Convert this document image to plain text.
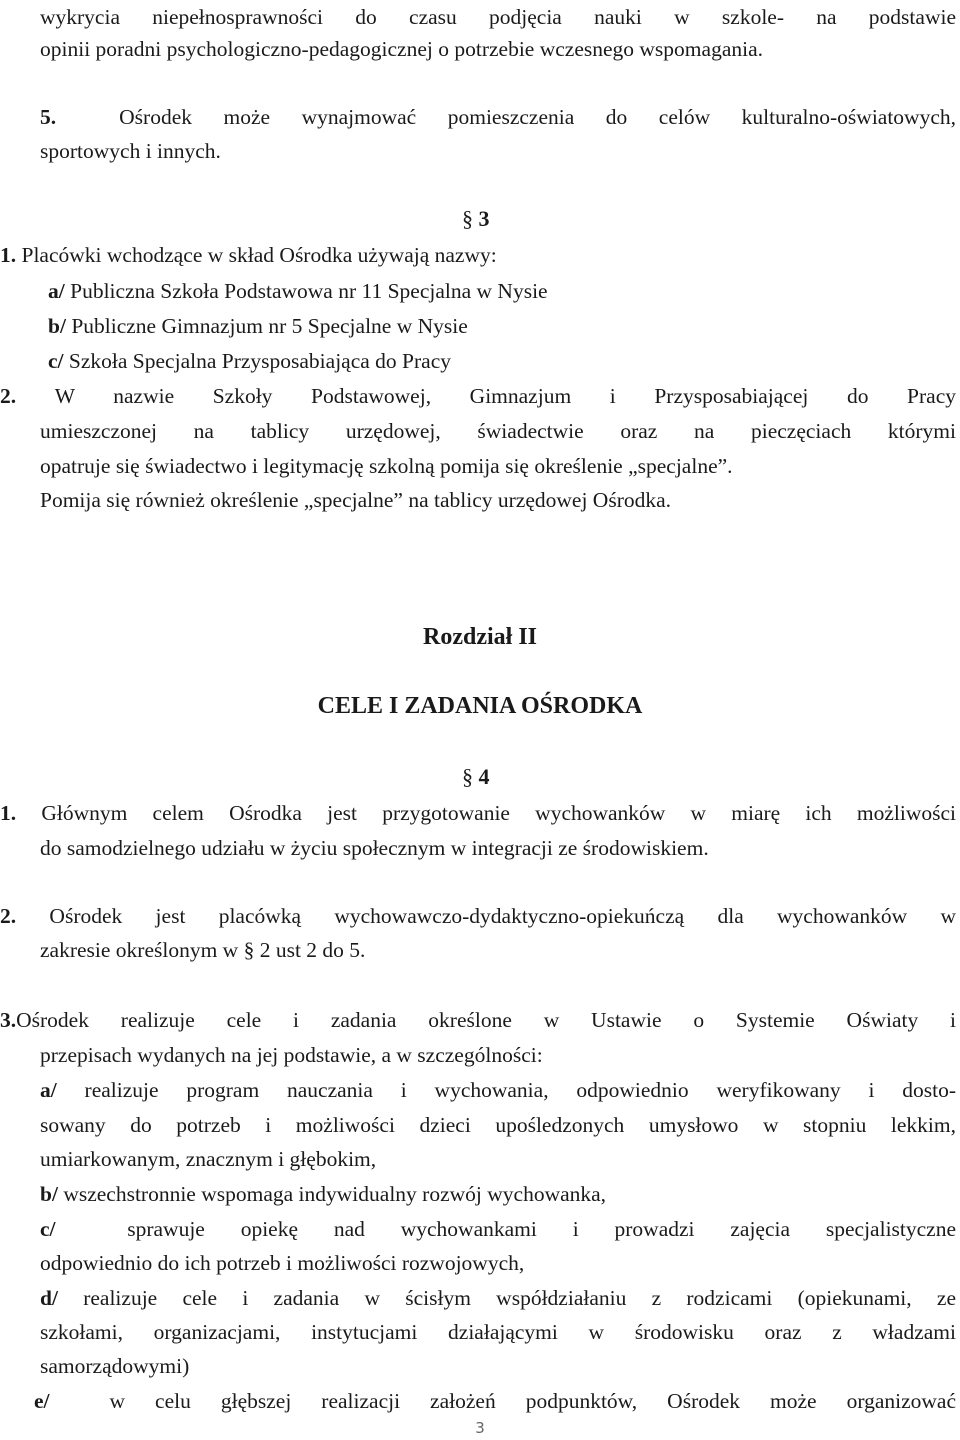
wykrycia niepełnosprawności do czasu podjęcia nauki w szkole- na podstawie
opinii poradni psychologiczno-pedagogicznej o potrzebie wczesnego wspomagania.
5.	Ośrodek może wynajmować pomieszczenia do celów kulturalno-oświatowych,
sportowych i innych.
§ 3
1. Placówki wchodzące w skład Ośrodka używają nazwy:
a/ Publiczna Szkoła Podstawowa nr 11 Specjalna w Nysie
b/ Publiczne Gimnazjum nr 5 Specjalne w Nysie
c/ Szkoła Specjalna Przysposabiająca do Pracy
2. W nazwie Szkoły Podstawowej, Gimnazjum i Przysposabiającej do Pracy
umieszczonej na tablicy urzędowej, świadectwie oraz na pieczęciach którymi
opatruje się świadectwo i legitymację szkolną pomija się określenie „specjalne”.
Pomija się również określenie „specjalne” na tablicy urzędowej Ośrodka.
Rozdział II
CELE I ZADANIA OŚRODKA
§ 4
1. Głównym celem Ośrodka jest przygotowanie wychowanków w miarę ich możliwości
do samodzielnego udziału w życiu społecznym w integracji ze środowiskiem.
2. Ośrodek jest placówką wychowawczo-dydaktyczno-opiekuńczą dla wychowanków w
zakresie określonym w § 2 ust 2 do 5.
3.Ośrodek realizuje cele i zadania określone w Ustawie o Systemie Oświaty i
przepisach wydanych na jej podstawie, a w szczególności:
a/ realizuje program nauczania i wychowania, odpowiednio weryfikowany i dosto-
sowany do potrzeb i możliwości dzieci upośledzonych umysłowo w stopniu lekkim,
umiarkowanym, znacznym i głębokim,
b/ wszechstronnie wspomaga indywidualny rozwój wychowanka,
c/	sprawuje opiekę nad wychowankami i prowadzi zajęcia specjalistyczne
odpowiednio do ich potrzeb i możliwości rozwojowych,
d/ realizuje cele i zadania w ścisłym współdziałaniu z rodzicami (opiekunami, ze
szkołami, organizacjami, instytucjami działającymi w środowisku oraz z władzami
samorządowymi)
e/	w celu głębszej realizacji założeń podpunktów, Ośrodek może organizować
3
